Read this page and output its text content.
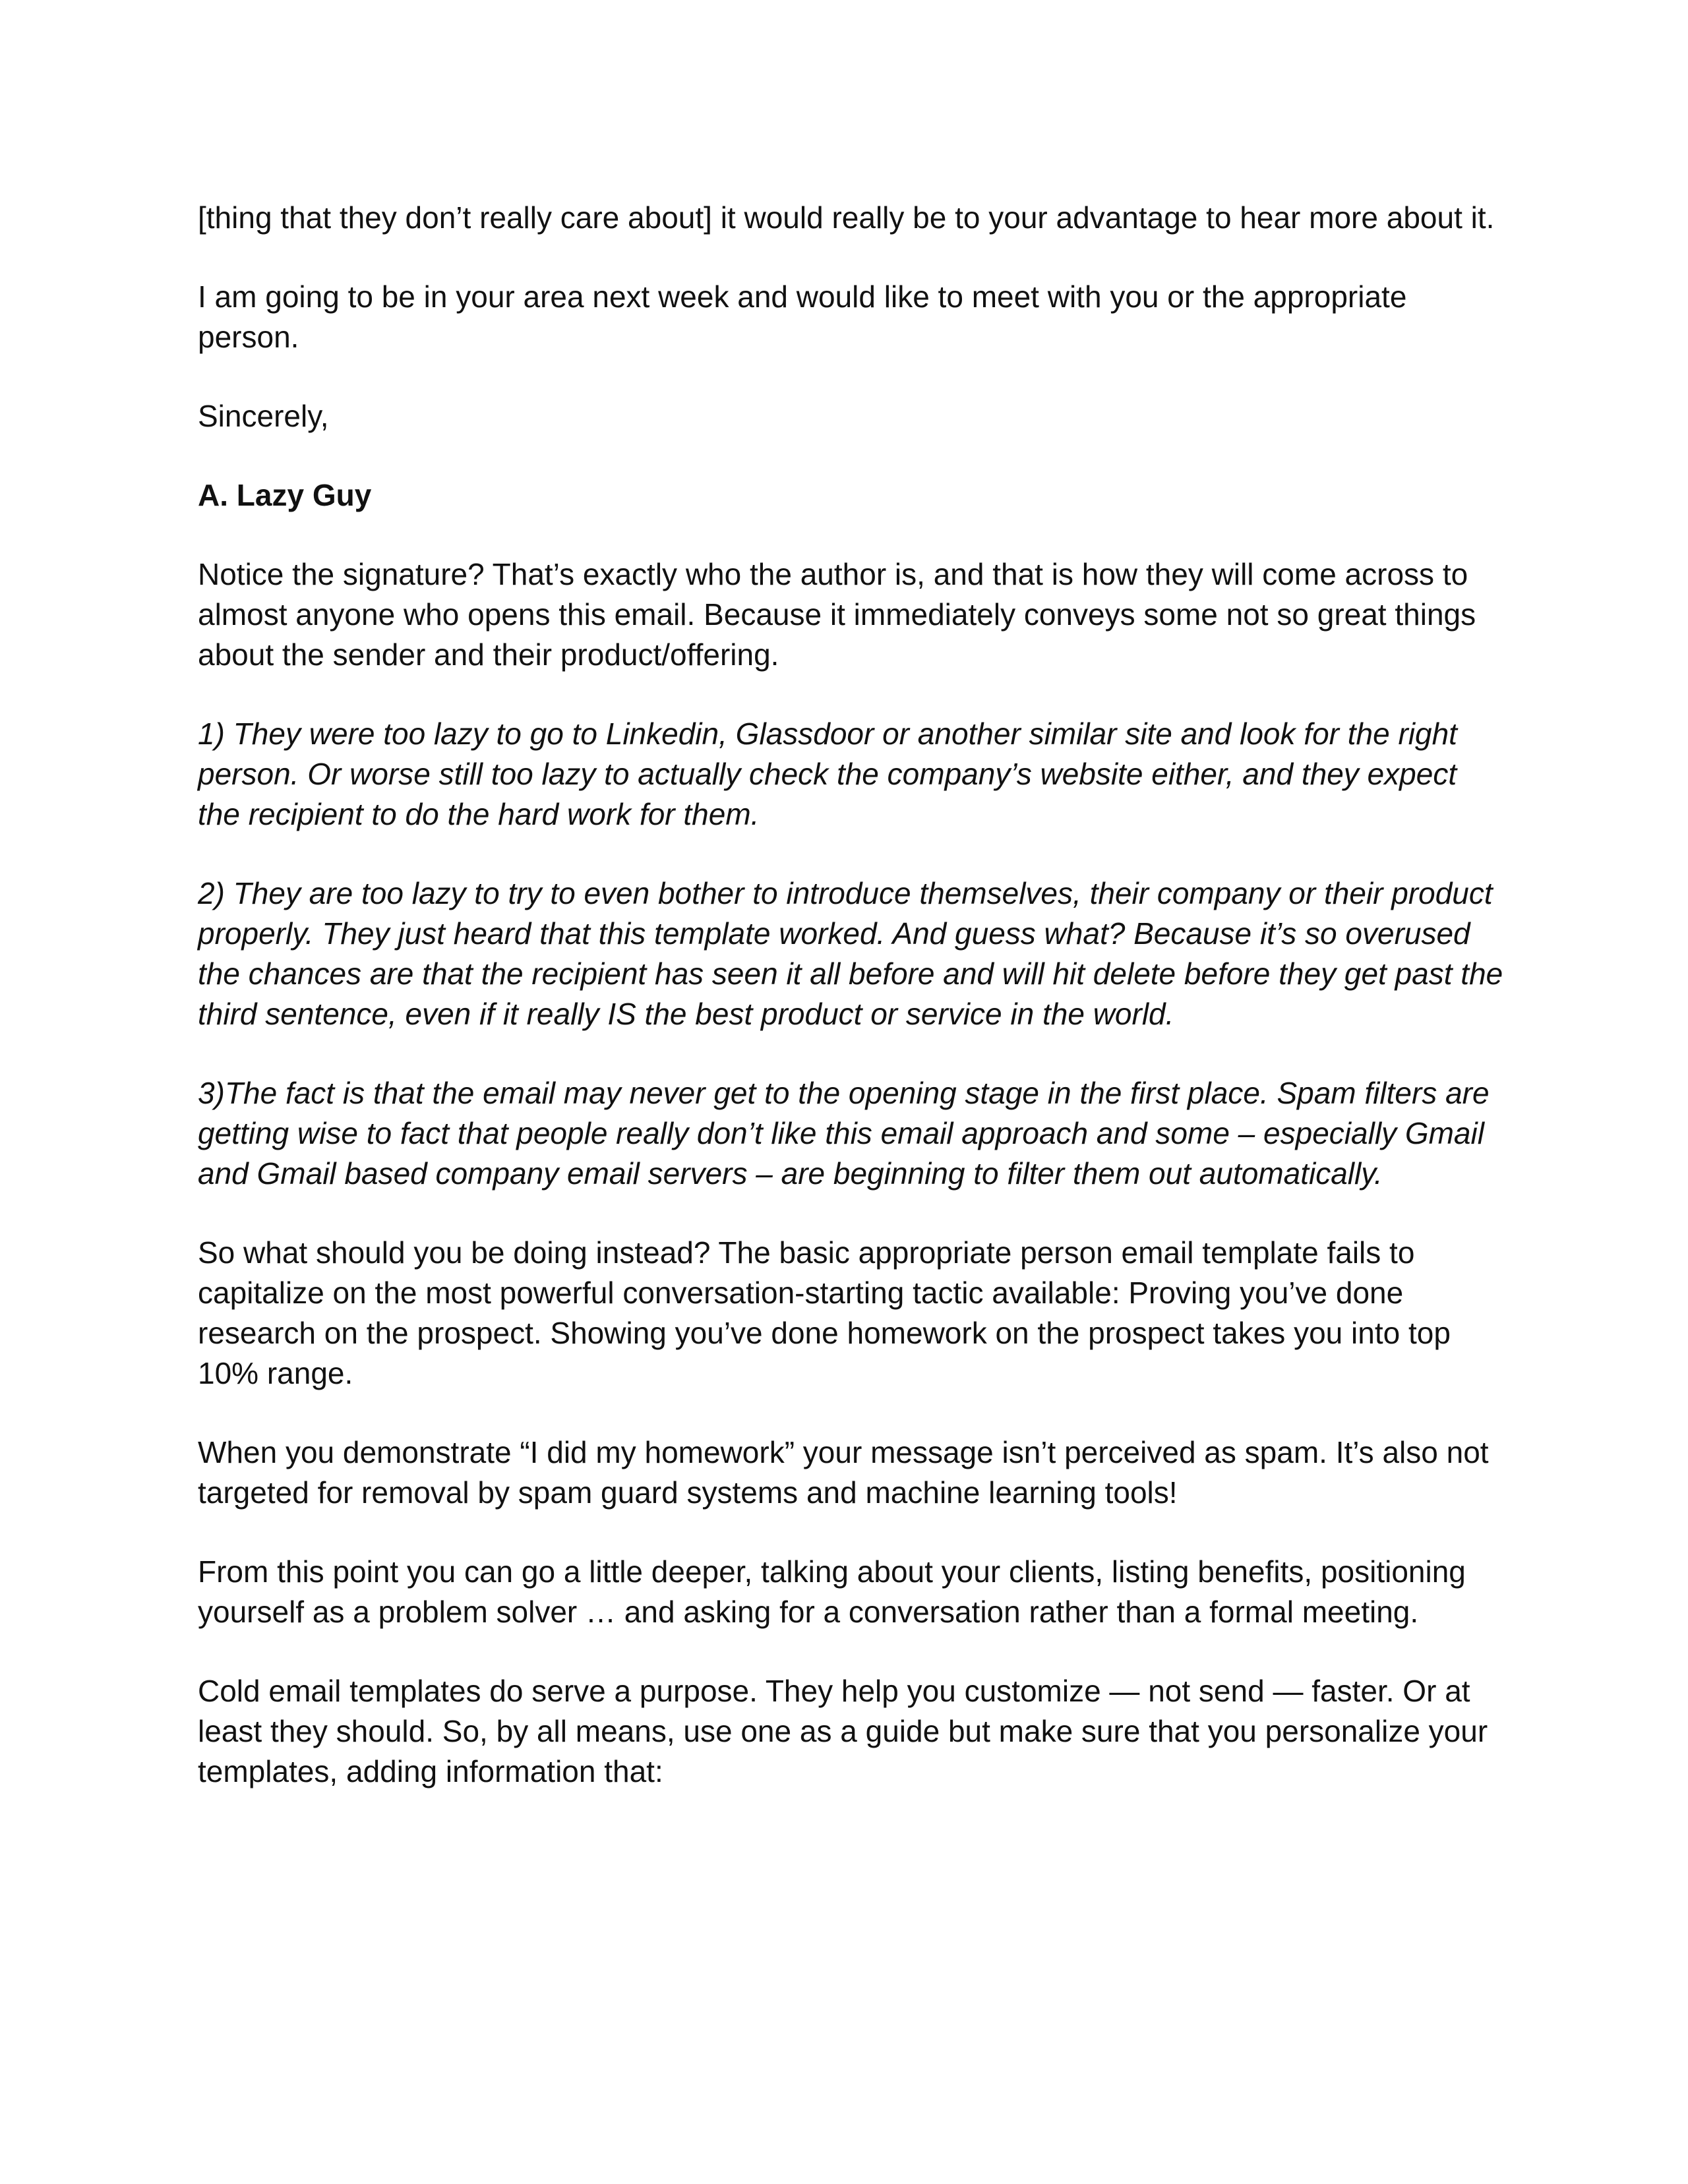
[thing that they don’t really care about] it would really be to your advantage to hear more about it.

I am going to be in your area next week and would like to meet with you or the appropriate person.

Sincerely,

A. Lazy Guy

Notice the signature? That’s exactly who the author is, and that is how they will come across to almost anyone who opens this email. Because it immediately conveys some not so great things about the sender and their product/offering.

1) They were too lazy to go to Linkedin, Glassdoor or another similar site and look for the right person. Or worse still too lazy to actually check the company’s website either, and they expect the recipient to do the hard work for them.

2) They are too lazy to try to even bother to introduce themselves, their company or their product properly. They just heard that this template worked. And guess what? Because it’s so overused the chances are that the recipient has seen it all before and will hit delete before they get past the third sentence, even if it really IS the best product or service in the world.

3)The fact is that the email may never get to the opening stage in the first place. Spam filters are getting wise to fact that people really don’t like this email approach and some – especially Gmail and Gmail based company email servers – are beginning to filter them out automatically.

So what should you be doing instead? The basic appropriate person email template fails to capitalize on the most powerful conversation-starting tactic available: Proving you’ve done research on the prospect. Showing you’ve done homework on the prospect takes you into top 10% range.

When you demonstrate “I did my homework” your message isn’t perceived as spam. It’s also not targeted for removal by spam guard systems and machine learning tools!

From this point you can go a little deeper, talking about your clients, listing benefits, positioning yourself as a problem solver … and asking for a conversation rather than a formal meeting.

Cold email templates do serve a purpose. They help you customize — not send — faster. Or at least they should. So, by all means, use one as a guide but make sure that you personalize your templates, adding information that:
